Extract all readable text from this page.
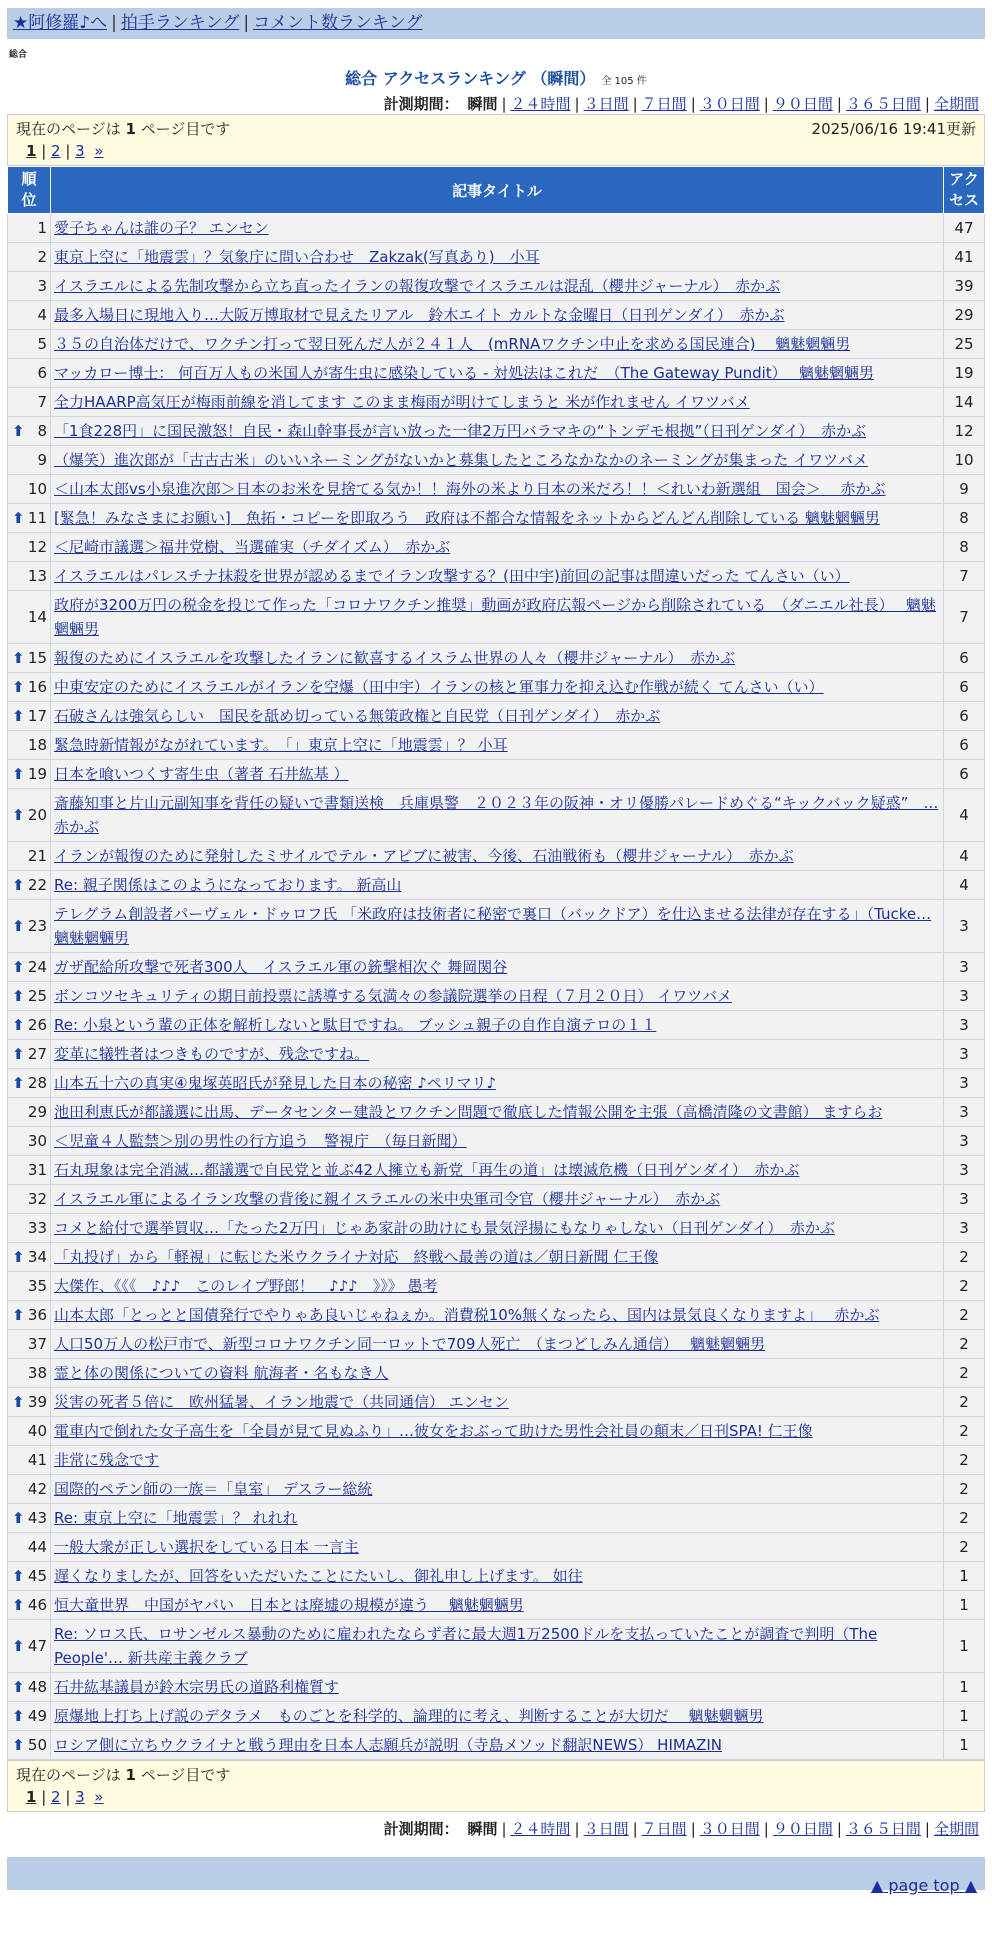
★阿修羅♪へ | 拍手ランキング | コメント数ランキング
総合
総合 アクセスランキング （瞬間） 全 105 件
計測期間： 瞬間 | ２４時間 | ３日間 | ７日間 | ３０日間 | ９０日間 | ３６５日間 | 全期間
現在のページは 1 ページ目です	2025/06/16 19:41更新
1 | 2 | 3 »
順位	記事タイトル	アクセス
1	愛子ちゃんは誰の子？ エンセン	47
2	東京上空に「地震雲」？気象庁に問い合わせ　Zakzak(写真あり)　小耳	41
3	イスラエルによる先制攻撃から立ち直ったイランの報復攻撃でイスラエルは混乱（櫻井ジャーナル）　赤かぶ	39
4	最多入場日に現地入り…大阪万博取材で見えたリアル　鈴木エイト カルトな金曜日（日刊ゲンダイ）　赤かぶ	29
5	３５の自治体だけで、ワクチン打って翌日死んだ人が２４１人　(mRNAワクチン中止を求める国民連合)　 魑魅魍魎男	25
6	マッカロー博士： 何百万人もの米国人が寄生虫に感染している - 対処法はこれだ　（The Gateway Pundit）　 魑魅魍魎男	19
7	全力HAARP高気圧が梅雨前線を消してます このまま梅雨が明けてしまうと 米が作れません イワツバメ	14

⬆ 8	「1食228円」に国民激怒！自民・森山幹事長が言い放った一律2万円バラマキの“トンデモ根拠”（日刊ゲンダイ）　赤かぶ	12
9	（爆笑）進次郎が「古古古米」のいいネーミングがないかと募集したところなかなかのネーミングが集まった イワツバメ	10
10	＜山本太郎vs小泉進次郎＞日本のお米を見捨てる気か！！海外の米より日本の米だろ！！＜れいわ新選組　国会＞　 赤かぶ	9

⬆ 11	[緊急！みなさまにお願い]　魚拓・コピーを即取ろう　政府は不都合な情報をネットからどんどん削除している 魑魅魍魎男	8
12	＜尼崎市議選＞福井党樹、当選確実（チダイズム）　赤かぶ	8
13	イスラエルはパレスチナ抹殺を世界が認めるまでイラン攻撃する？(田中宇)前回の記事は間違いだった てんさい（い）	7
14	政府が3200万円の税金を投じて作った「コロナワクチン推奨」動画が政府広報ページから削除されている　（ダニエル社長）　 魑魅魍魎男	7

⬆ 15	報復のためにイスラエルを攻撃したイランに歓喜するイスラム世界の人々（櫻井ジャーナル）　赤かぶ	6

⬆ 16	中東安定のためにイスラエルがイランを空爆（田中宇）イランの核と軍事力を抑え込む作戦が続く てんさい（い）	6

⬆ 17	石破さんは強気らしい　国民を舐め切っている無策政権と自民党（日刊ゲンダイ）　赤かぶ	6
18	緊急時新情報がながれています。　「」東京上空に「地震雲」？ 小耳	6

⬆ 19	日本を喰いつくす寄生虫（著者 石井紘基 ）	6

⬆ 20	斎藤知事と片山元副知事を背任の疑いで書類送検　兵庫県警　２０２３年の阪神・オリ優勝パレードめぐる“キックバック疑惑”　… 赤かぶ	4
21	イランが報復のために発射したミサイルでテル・アビブに被害、今後、石油戦術も（櫻井ジャーナル）　赤かぶ	4

⬆ 22	Re: 親子関係はこのようになっております。 新高山	4

⬆ 23	テレグラム創設者パーヴェル・ドゥロフ氏 「米政府は技術者に秘密で裏口（バックドア）を仕込ませる法律が存在する」（Tucke… 魑魅魍魎男	3

⬆ 24	ガザ配給所攻撃で死者300人　イスラエル軍の銃撃相次ぐ 舞岡関谷	3

⬆ 25	ボンコツセキュリティの期日前投票に誘導する気満々の参議院選挙の日程（７月２０日） イワツバメ	3

⬆ 26	Re: 小泉という輩の正体を解析しないと駄目ですね。 ブッシュ親子の自作自演テロの１１	3

⬆ 27	変革に犠牲者はつきものですが、残念ですね。	3

⬆ 28	山本五十六の真実④鬼塚英昭氏が発見した日本の秘密 ♪ペリマリ♪	3
29	池田利恵氏が都議選に出馬、データセンター建設とワクチン問題で徹底した情報公開を主張（高橋清隆の文書館） ますらお	3
30	＜児童４人監禁＞別の男性の行方追う　警視庁　（毎日新聞）	3
31	石丸現象は完全消滅…都議選で自民党と並ぶ42人擁立も新党「再生の道」は壊滅危機（日刊ゲンダイ）　赤かぶ	3
32	イスラエル軍によるイラン攻撃の背後に親イスラエルの米中央軍司令官（櫻井ジャーナル）　赤かぶ	3
33	コメと給付で選挙買収…「たった2万円」じゃあ家計の助けにも景気浮揚にもなりゃしない（日刊ゲンダイ）　赤かぶ	3

⬆ 34	「丸投げ」から「軽視」に転じた米ウクライナ対応　終戦へ最善の道は／朝日新聞 仁王像	2
35	大傑作、《《《　♪♪♪　このレイプ野郎！　♪♪♪　》》》 愚考	2

⬆ 36	山本太郎「とっとと国債発行でやりゃあ良いじゃねぇか。消費税10%無くなったら、国内は景気良くなりますよ」　 赤かぶ	2
37	人口50万人の松戸市で、新型コロナワクチン同一ロットで709人死亡　（まつどしみん通信）　 魑魅魍魎男	2
38	霊と体の関係についての資料 航海者・名もなき人	2

⬆ 39	災害の死者５倍に　欧州猛暑、イラン地震で（共同通信） エンセン	2
40	電車内で倒れた女子高生を「全員が見て見ぬふり」…彼女をおぶって助けた男性会社員の顛末／日刊SPA! 仁王像	2
41	非常に残念です	2
42	国際的ペテン師の一族＝「皇室」 デスラー総統	2

⬆ 43	Re: 東京上空に「地震雲」？ れれれ	2
44	一般大衆が正しい選択をしている日本 一言主	2

⬆ 45	遅くなりましたが、回答をいただいたことにたいし、御礼申し上げます。 如往	1

⬆ 46	恒大童世界　中国がヤバい　日本とは廃墟の規模が違う　 魑魅魍魎男	1

⬆ 47	Re: ソロス氏、ロサンゼルス暴動のために雇われたならず者に最大週1万2500ドルを支払っていたことが調査で判明（The People'… 新共産主義クラブ	1

⬆ 48	石井紘基議員が鈴木宗男氏の道路利権質す	1

⬆ 49	原爆地上打ち上げ説のデタラメ　ものごとを科学的、論理的に考え、判断することが大切だ　 魑魅魍魎男	1

⬆ 50	ロシア側に立ちウクライナと戦う理由を日本人志願兵が説明（寺島メソッド翻訳NEWS） HIMAZIN	1
現在のページは 1 ページ目です
1 | 2 | 3 »
計測期間： 瞬間 | ２４時間 | ３日間 | ７日間 | ３０日間 | ９０日間 | ３６５日間 | 全期間
▲ page top ▲
